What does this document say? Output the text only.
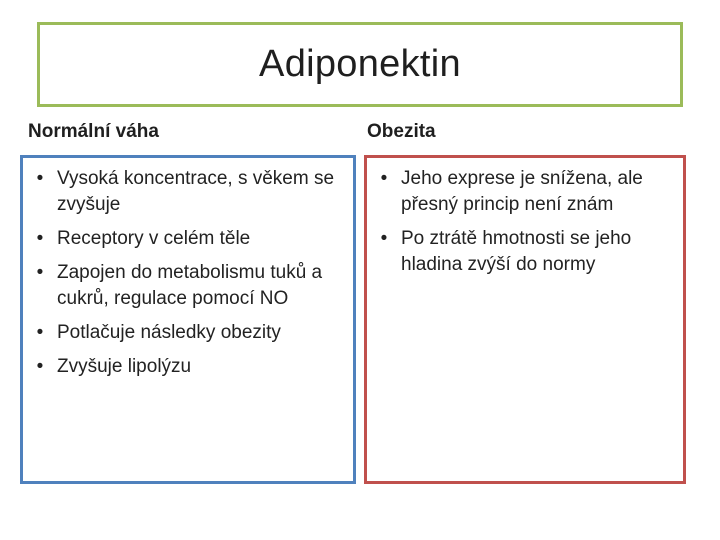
Adiponektin
Normální váha	Obezita
• Vysoká koncentrace, s věkem se zvyšuje
• Receptory v celém těle
• Zapojen do metabolismu tuků a cukrů, regulace pomocí NO
• Potlačuje následky obezity
• Zvyšuje lipolýzu
• Jeho exprese je snížena, ale přesný princip není znám
• Po ztrátě hmotnosti se jeho hladina zvýší do normy
